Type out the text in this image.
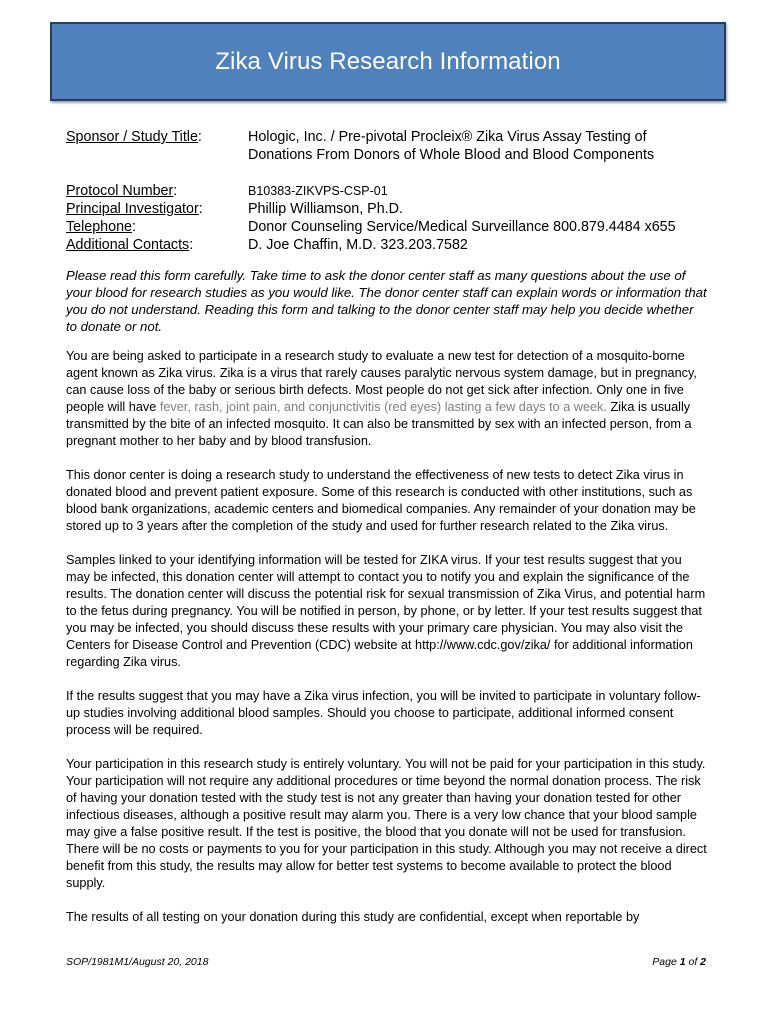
Zika Virus Research Information
Sponsor / Study Title:	Hologic, Inc. / Pre-pivotal Procleix® Zika Virus Assay Testing of
Donations From Donors of Whole Blood and Blood Components
Protocol Number:	B10383-ZIKVPS-CSP-01
Principal Investigator:	Phillip Williamson, Ph.D.
Telephone:	Donor Counseling Service/Medical Surveillance 800.879.4484 x655
Additional Contacts:	D. Joe Chaffin, M.D. 323.203.7582

Please read this form carefully. Take time to ask the donor center staff as many questions about the use of your blood for research studies as you would like. The donor center staff can explain words or information that you do not understand. Reading this form and talking to the donor center staff may help you decide whether to donate or not.

You are being asked to participate in a research study to evaluate a new test for detection of a mosquito-borne agent known as Zika virus. Zika is a virus that rarely causes paralytic nervous system damage, but in pregnancy, can cause loss of the baby or serious birth defects. Most people do not get sick after infection. Only one in five people will have fever, rash, joint pain, and conjunctivitis (red eyes) lasting a few days to a week. Zika is usually transmitted by the bite of an infected mosquito. It can also be transmitted by sex with an infected person, from a pregnant mother to her baby and by blood transfusion.

This donor center is doing a research study to understand the effectiveness of new tests to detect Zika virus in donated blood and prevent patient exposure. Some of this research is conducted with other institutions, such as blood bank organizations, academic centers and biomedical companies. Any remainder of your donation may be stored up to 3 years after the completion of the study and used for further research related to the Zika virus.

Samples linked to your identifying information will be tested for ZIKA virus. If your test results suggest that you may be infected, this donation center will attempt to contact you to notify you and explain the significance of the results. The donation center will discuss the potential risk for sexual transmission of Zika Virus, and potential harm to the fetus during pregnancy. You will be notified in person, by phone, or by letter. If your test results suggest that you may be infected, you should discuss these results with your primary care physician. You may also visit the Centers for Disease Control and Prevention (CDC) website at http://www.cdc.gov/zika/ for additional information regarding Zika virus.

If the results suggest that you may have a Zika virus infection, you will be invited to participate in voluntary follow-up studies involving additional blood samples. Should you choose to participate, additional informed consent process will be required.

Your participation in this research study is entirely voluntary. You will not be paid for your participation in this study. Your participation will not require any additional procedures or time beyond the normal donation process. The risk of having your donation tested with the study test is not any greater than having your donation tested for other infectious diseases, although a positive result may alarm you. There is a very low chance that your blood sample may give a false positive result. If the test is positive, the blood that you donate will not be used for transfusion. There will be no costs or payments to you for your participation in this study. Although you may not receive a direct benefit from this study, the results may allow for better test systems to become available to protect the blood supply.

The results of all testing on your donation during this study are confidential, except when reportable by

SOP/1981M1/August 20, 2018	Page 1 of 2
